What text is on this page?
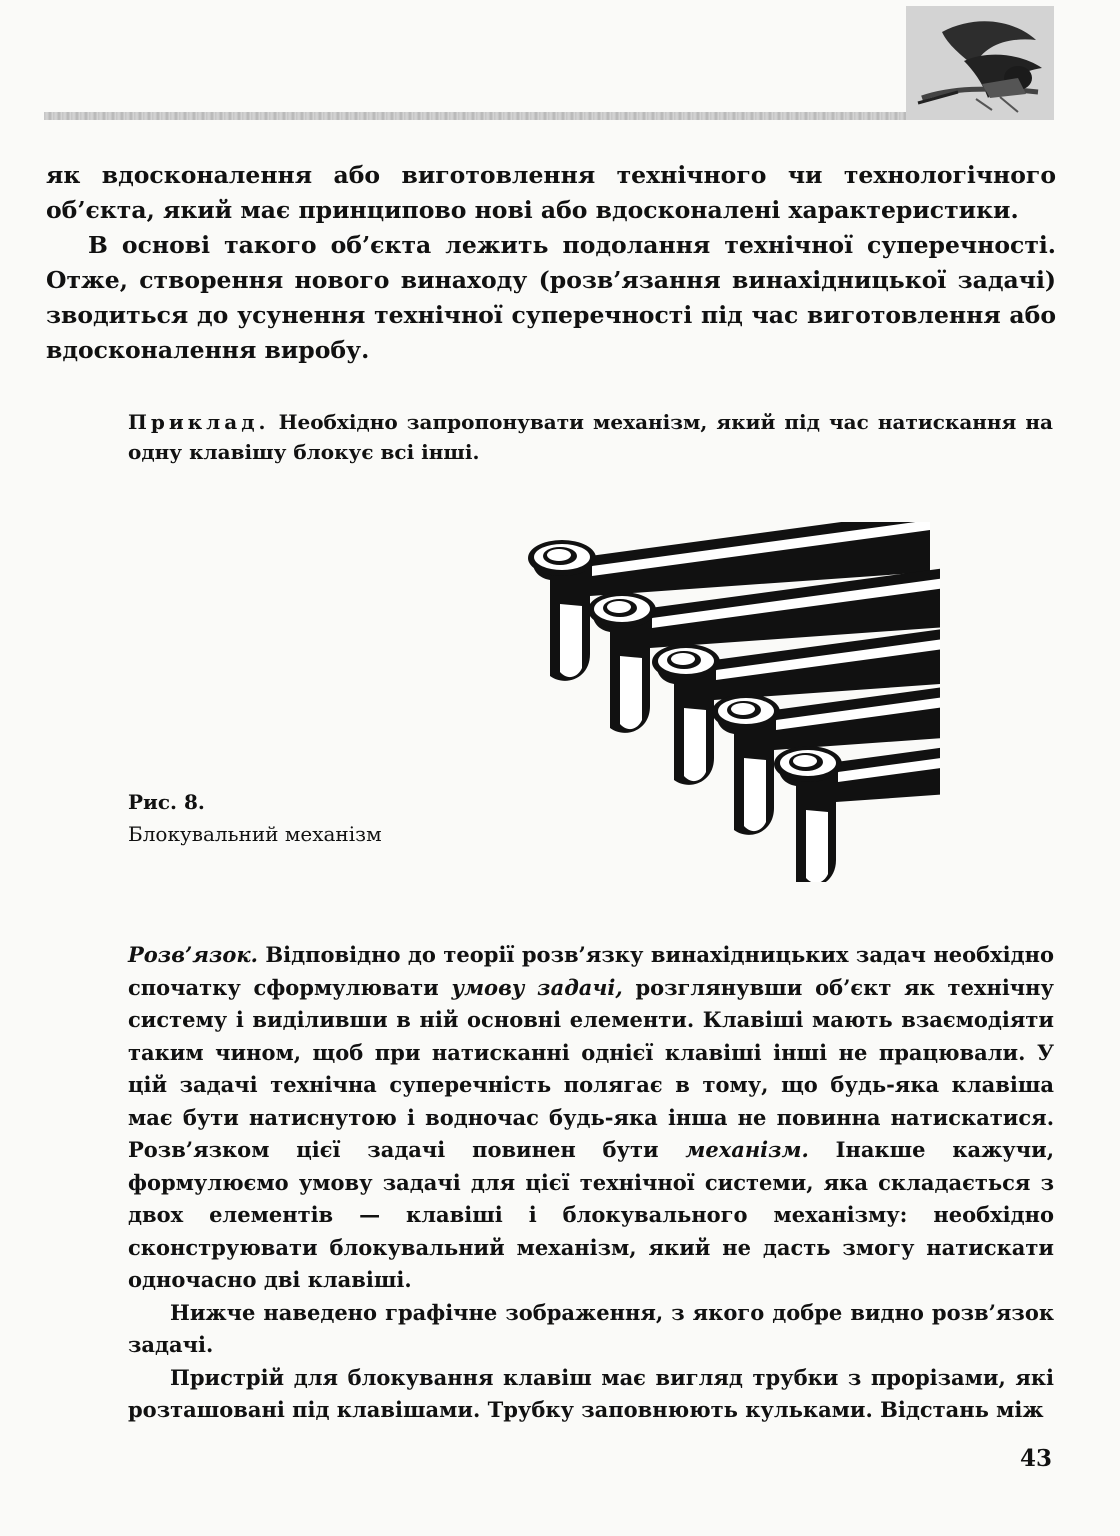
як вдосконалення або виготовлення технічного чи технологічного об’єкта, який має принципово нові або вдосконалені характеристики.

В основі такого об’єкта лежить подолання технічної суперечності. Отже, створення нового винаходу (розв’язання винахідницької задачі) зводиться до усунення технічної суперечності під час виготовлення або вдосконалення виробу.

Приклад. Необхідно запропонувати механізм, який під час натискання на одну клавішу блокує всі інші.
Рис. 8.
Блокувальний механізм

Розв’язок. Відповідно до теорії розв’язку винахідницьких задач необхідно спочатку сформулювати умову задачі, розглянувши об’єкт як технічну систему і виділивши в ній основні елементи. Клавіші мають взаємодіяти таким чином, щоб при натисканні однієї клавіші інші не працювали. У цій задачі технічна суперечність полягає в тому, що будь-яка клавіша має бути натиснутою і водночас будь-яка інша не повинна натискатися. Розв’язком цієї задачі повинен бути механізм. Інакше кажучи, формулюємо умову задачі для цієї технічної системи, яка складається з двох елементів — клавіші і блокувального механізму: необхідно сконструювати блокувальний механізм, який не дасть змогу натискати одночасно дві клавіші.

Нижче наведено графічне зображення, з якого добре видно розв’язок задачі.

Пристрій для блокування клавіш має вигляд трубки з прорізами, які розташовані під клавішами. Трубку заповнюють кульками. Відстань між

43
